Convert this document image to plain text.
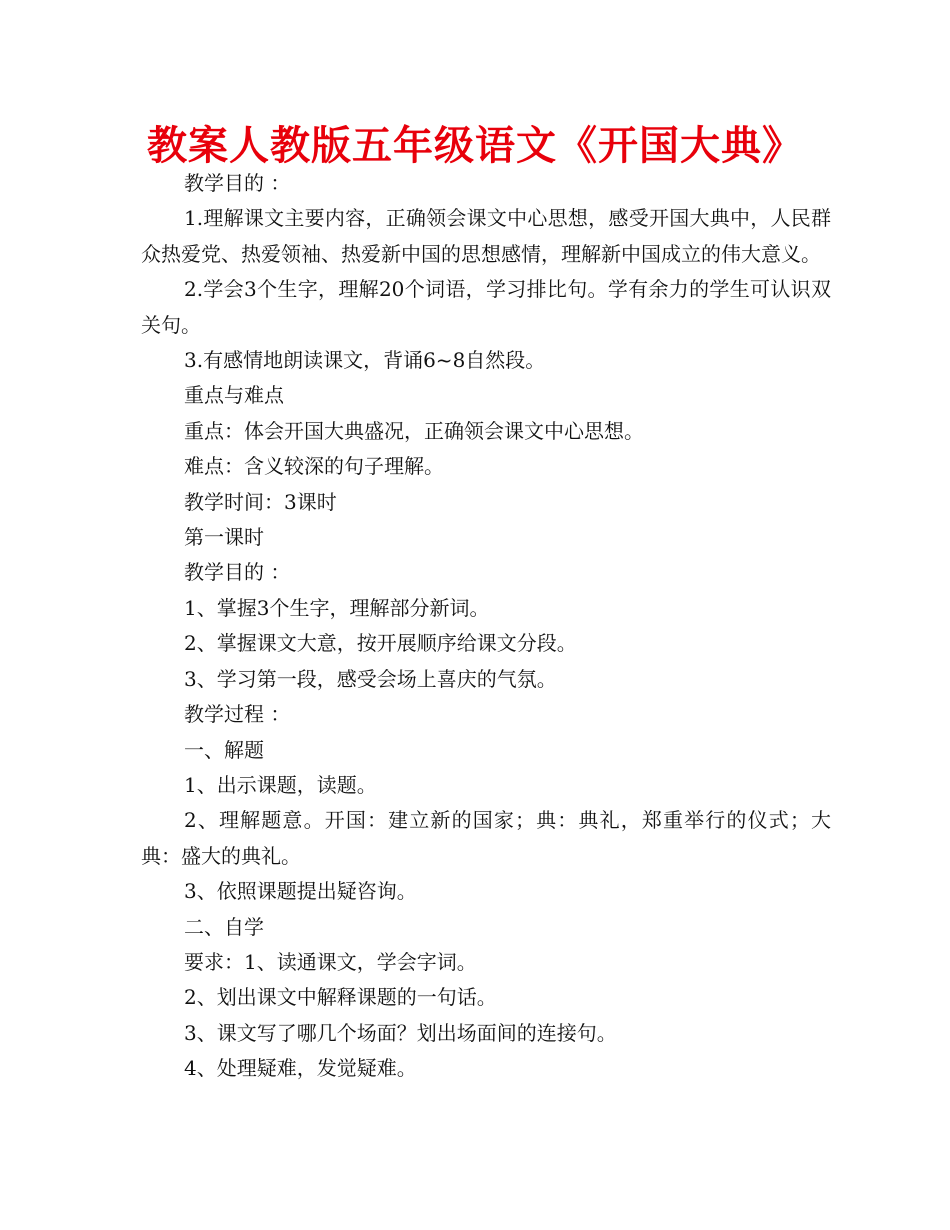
教案人教版五年级语文《开国大典》

教学目的 ：

1.理解课文主要内容，正确领会课文中心思想，感受开国大典中，人民群众热爱党、热爱领袖、热爱新中国的思想感情，理解新中国成立的伟大意义。

2.学会3个生字，理解20个词语，学习排比句。学有余力的学生可认识双关句。

3.有感情地朗读课文，背诵6~8自然段。

重点与难点

重点：体会开国大典盛况，正确领会课文中心思想。

难点：含义较深的句子理解。

教学时间：3课时

第一课时

教学目的 ：

1、掌握3个生字，理解部分新词。

2、掌握课文大意，按开展顺序给课文分段。

3、学习第一段，感受会场上喜庆的气氛。

教学过程 ：

一、解题

1、出示课题，读题。

2、理解题意。开国：建立新的国家；典：典礼，郑重举行的仪式；大典：盛大的典礼。

3、依照课题提出疑咨询。

二、自学

要求：1、读通课文，学会字词。

2、划出课文中解释课题的一句话。

3、课文写了哪几个场面？划出场面间的连接句。

4、处理疑难，发觉疑难。
